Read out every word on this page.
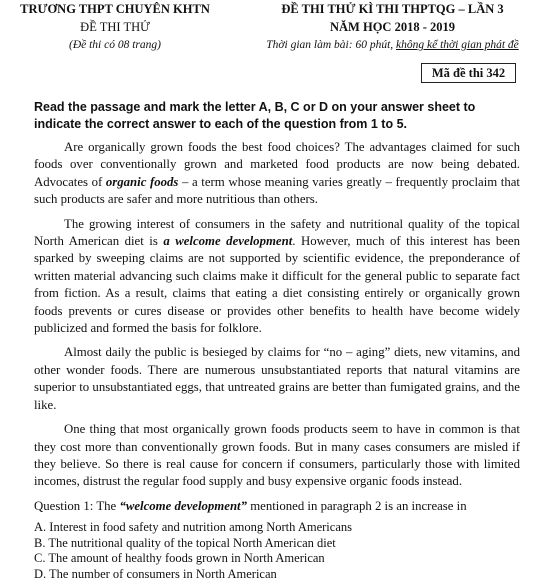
TRƯƠNG THPT CHUYÊN KHTN
ĐỀ THI THỬ
(Đề thi có 08 trang)
ĐỀ THI THỬ KÌ THI THPTQG – LẦN 3
NĂM HỌC 2018 - 2019
Thời gian làm bài: 60 phút, không kể thời gian phát đề
Mã đề thi 342
Read the passage and mark the letter A, B, C or D on your answer sheet to indicate the correct answer to each of the question from 1 to 5.

Are organically grown foods the best food choices? The advantages claimed for such foods over conventionally grown and marketed food products are now being debated. Advocates of organic foods – a term whose meaning varies greatly – frequently proclaim that such products are safer and more nutritious than others.

The growing interest of consumers in the safety and nutritional quality of the topical North American diet is a welcome development. However, much of this interest has been sparked by sweeping claims are not supported by scientific evidence, the preponderance of written material advancing such claims make it difficult for the general public to separate fact from fiction. As a result, claims that eating a diet consisting entirely or organically grown foods prevents or cures disease or provides other benefits to health have become widely publicized and formed the basis for folklore.

Almost daily the public is besieged by claims for “no – aging” diets, new vitamins, and other wonder foods. There are numerous unsubstantiated reports that natural vitamins are superior to unsubstantiated eggs, that untreated grains are better than fumigated grains, and the like.

One thing that most organically grown foods products seem to have in common is that they cost more than conventionally grown foods. But in many cases consumers are misled if they believe. So there is real cause for concern if consumers, particularly those with limited incomes, distrust the regular food supply and busy expensive organic foods instead.

Question 1: The “welcome development” mentioned in paragraph 2 is an increase in
A. Interest in food safety and nutrition among North Americans
B. The nutritional quality of the topical North American diet
C. The amount of healthy foods grown in North American
D. The number of consumers in North American
